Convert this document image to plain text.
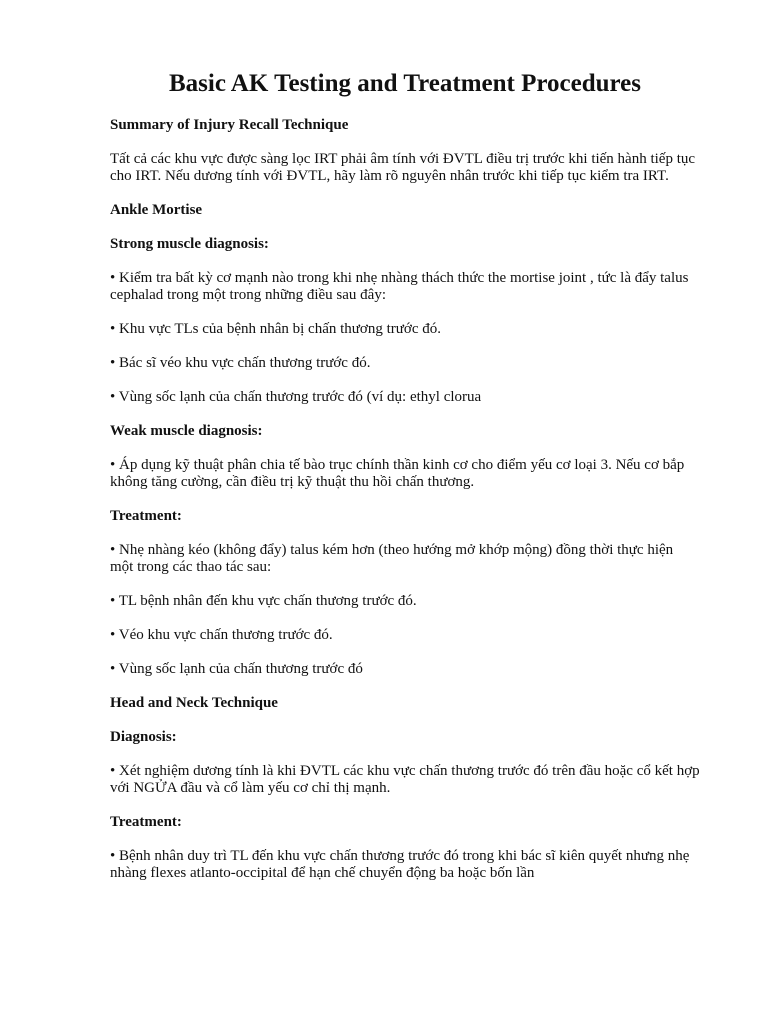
Basic AK Testing and Treatment Procedures

Summary of Injury Recall Technique

Tất cả các khu vực được sàng lọc IRT phải âm tính với ĐVTL điều trị trước khi tiến hành tiếp tục cho IRT. Nếu dương tính với ĐVTL, hãy làm rõ nguyên nhân trước khi tiếp tục kiểm tra IRT.

Ankle Mortise

Strong muscle diagnosis:

• Kiểm tra bất kỳ cơ mạnh nào trong khi nhẹ nhàng thách thức the mortise joint , tức là đẩy talus cephalad trong một trong những điều sau đây:

• Khu vực TLs của bệnh nhân bị chấn thương trước đó.

• Bác sĩ véo khu vực chấn thương trước đó.

• Vùng sốc lạnh của chấn thương trước đó (ví dụ: ethyl clorua

Weak muscle diagnosis:

• Áp dụng kỹ thuật phân chia tế bào trục chính thần kinh cơ cho điểm yếu cơ loại 3. Nếu cơ bắp không tăng cường, cần điều trị kỹ thuật thu hồi chấn thương.

Treatment:

• Nhẹ nhàng kéo (không đẩy) talus kém hơn (theo hướng mở khớp mộng) đồng thời thực hiện một trong các thao tác sau:

• TL bệnh nhân đến khu vực chấn thương trước đó.

• Véo khu vực chấn thương trước đó.

• Vùng sốc lạnh của chấn thương trước đó

Head and Neck Technique

Diagnosis:

• Xét nghiệm dương tính là khi ĐVTL các khu vực chấn thương trước đó trên đầu hoặc cổ kết hợp với NGỬA đầu và cổ làm yếu cơ chỉ thị mạnh.

Treatment:

• Bệnh nhân duy trì TL đến khu vực chấn thương trước đó trong khi bác sĩ kiên quyết nhưng nhẹ nhàng flexes atlanto-occipital để hạn chế chuyển động ba hoặc bốn lần
